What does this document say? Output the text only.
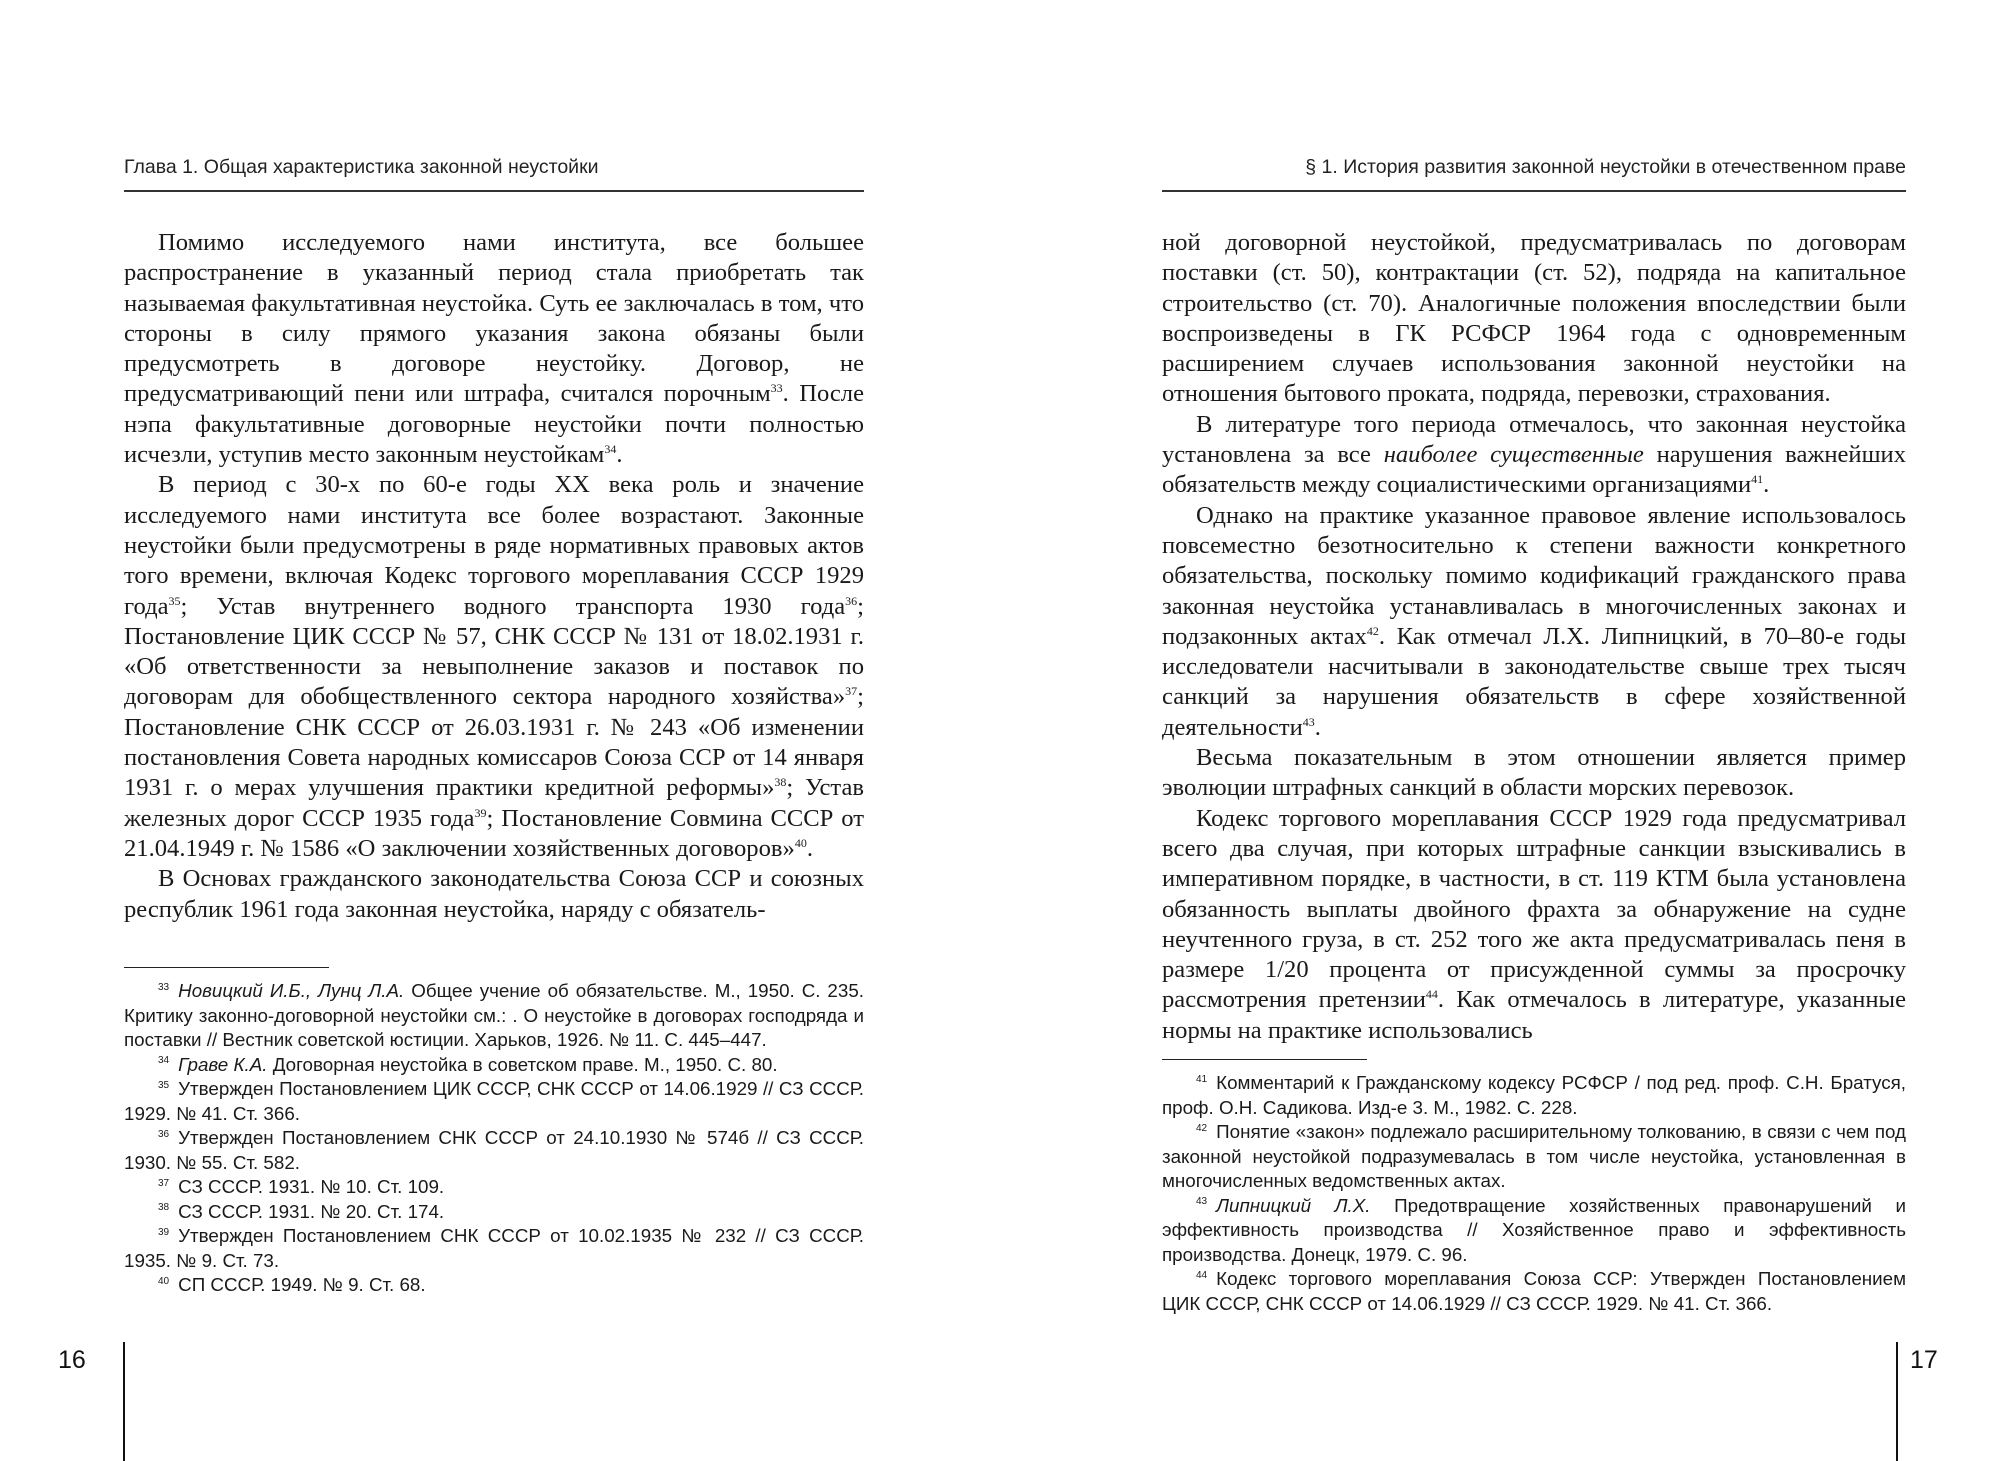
Глава 1. Общая характеристика законной неустойки

Помимо исследуемого нами института, все большее распространение в указанный период стала приобретать так называемая факультативная неустойка. Суть ее заключалась в том, что стороны в силу прямого указания закона обязаны были предусмотреть в договоре неустойку. Договор, не предусматривающий пени или штрафа, считался порочным$^{33}$. После нэпа факультативные договорные неустойки почти полностью исчезли, уступив место законным неустойкам$^{34}$.

В период с 30-х по 60-е годы XX века роль и значение исследуемого нами института все более возрастают. Законные неустойки были предусмотрены в ряде нормативных правовых актов того времени, включая Кодекс торгового мореплавания СССР 1929 года$^{35}$; Устав внутреннего водного транспорта 1930 года$^{36}$; Постановление ЦИК СССР № 57, СНК СССР № 131 от 18.02.1931 г. «Об ответственности за невыполнение заказов и поставок по договорам для обобществленного сектора народного хозяйства»$^{37}$; Постановление СНК СССР от 26.03.1931 г. № 243 «Об изменении постановления Совета народных комиссаров Союза ССР от 14 января 1931 г. о мерах улучшения практики кредитной реформы»$^{38}$; Устав железных дорог СССР 1935 года$^{39}$; Постановление Совмина СССР от 21.04.1949 г. № 1586 «О заключении хозяйственных договоров»$^{40}$.

В Основах гражданского законодательства Союза ССР и союзных республик 1961 года законная неустойка, наряду с обязатель-

$^{33}$ Новицкий И.Б., Лунц Л.А. Общее учение об обязательстве. М., 1950. С. 235. Критику законно-договорной неустойки см.: . О неустойке в договорах господряда и поставки // Вестник советской юстиции. Харьков, 1926. № 11. С. 445–447.

$^{34}$ Граве К.А. Договорная неустойка в советском праве. М., 1950. С. 80.

$^{35}$ Утвержден Постановлением ЦИК СССР, СНК СССР от 14.06.1929 // СЗ СССР. 1929. № 41. Ст. 366.

$^{36}$ Утвержден Постановлением СНК СССР от 24.10.1930 № 574б // СЗ СССР. 1930. № 55. Ст. 582.

$^{37}$ СЗ СССР. 1931. № 10. Ст. 109.

$^{38}$ СЗ СССР. 1931. № 20. Ст. 174.

$^{39}$ Утвержден Постановлением СНК СССР от 10.02.1935 № 232 // СЗ СССР. 1935. № 9. Ст. 73.

$^{40}$ СП СССР. 1949. № 9. Ст. 68.

16
§ 1. История развития законной неустойки в отечественном праве

ной договорной неустойкой, предусматривалась по договорам поставки (ст. 50), контрактации (ст. 52), подряда на капитальное строительство (ст. 70). Аналогичные положения впоследствии были воспроизведены в ГК РСФСР 1964 года с одновременным расширением случаев использования законной неустойки на отношения бытового проката, подряда, перевозки, страхования.

В литературе того периода отмечалось, что законная неустойка установлена за все наиболее существенные нарушения важнейших обязательств между социалистическими организациями$^{41}$.

Однако на практике указанное правовое явление использовалось повсеместно безотносительно к степени важности конкретного обязательства, поскольку помимо кодификаций гражданского права законная неустойка устанавливалась в многочисленных законах и подзаконных актах$^{42}$. Как отмечал Л.Х. Липницкий, в 70–80-е годы исследователи насчитывали в законодательстве свыше трех тысяч санкций за нарушения обязательств в сфере хозяйственной деятельности$^{43}$.

Весьма показательным в этом отношении является пример эволюции штрафных санкций в области морских перевозок.

Кодекс торгового мореплавания СССР 1929 года предусматривал всего два случая, при которых штрафные санкции взыскивались в императивном порядке, в частности, в ст. 119 КТМ была установлена обязанность выплаты двойного фрахта за обнаружение на судне неучтенного груза, в ст. 252 того же акта предусматривалась пеня в размере 1/20 процента от присужденной суммы за просрочку рассмотрения претензии$^{44}$. Как отмечалось в литературе, указанные нормы на практике использовались

$^{41}$ Комментарий к Гражданскому кодексу РСФСР / под ред. проф. С.Н. Братуся, проф. О.Н. Садикова. Изд-е 3. М., 1982. С. 228.

$^{42}$ Понятие «закон» подлежало расширительному толкованию, в связи с чем под законной неустойкой подразумевалась в том числе неустойка, установленная в многочисленных ведомственных актах.

$^{43}$ Липницкий Л.Х. Предотвращение хозяйственных правонарушений и эффективность производства // Хозяйственное право и эффективность производства. Донецк, 1979. С. 96.

$^{44}$ Кодекс торгового мореплавания Союза ССР: Утвержден Постановлением ЦИК СССР, СНК СССР от 14.06.1929 // СЗ СССР. 1929. № 41. Ст. 366.

17
